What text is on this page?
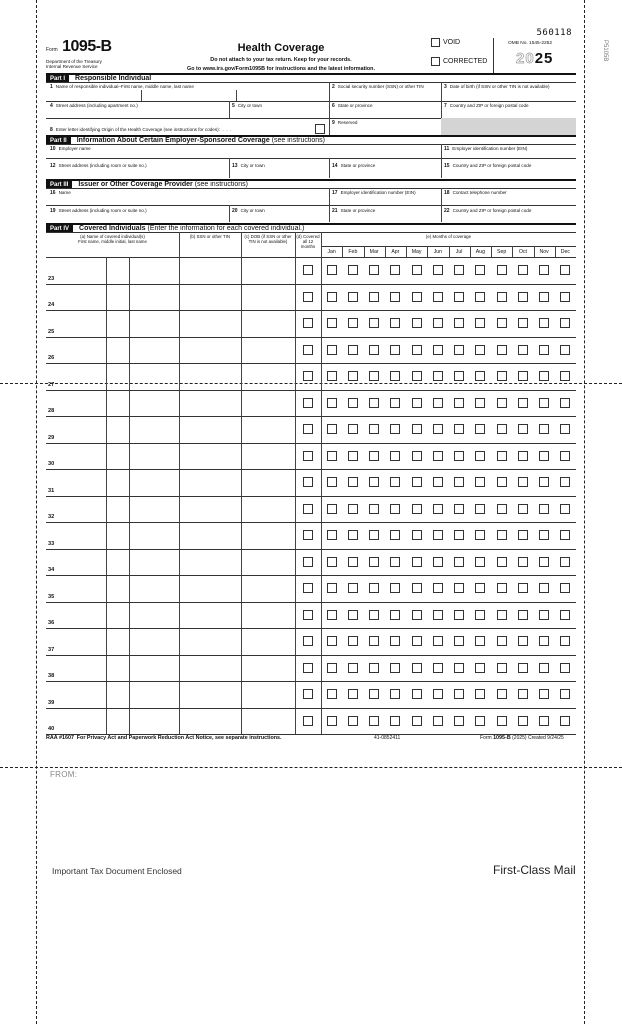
P5105B
560118
Form 1095-B
Department of the Treasury
Internal Revenue Service
Health Coverage
Do not attach to your tax return. Keep for your records.
Go to www.irs.gov/Form1095B for instructions and the latest information.
VOID
CORRECTED
OMB No. 1545-2252
2025
Part I	Responsible Individual
1 Name of responsible individual–First name, middle name, last name	2 Social security number (SSN) or other TIN	3 Date of birth (if SSN or other TIN is not available)
4 Street address (including apartment no.)	5 City or town	6 State or province	7 Country and ZIP or foreign postal code
8 Enter letter identifying Origin of the Health Coverage (see instructions for codes):  .  .  .
9 Reserved
Part II	Information About Certain Employer-Sponsored Coverage (see instructions)
10 Employer name	11 Employer identification number (EIN)
12 Street address (including room or suite no.)	13 City or town	14 State or province	15 Country and ZIP or foreign postal code
Part III	Issuer or Other Coverage Provider (see instructions)
16 Name	17 Employer identification number (EIN)	18 Contact telephone number
19 Street address (including room or suite no.)	20 City or town	21 State or province	22 Country and ZIP or foreign postal code
Part IV	Covered Individuals (Enter the information for each covered individual.)
(a) Name of covered individual(s)
First name, middle initial, last name
(b) SSN or other TIN	(c) DOB (if SSN or other
TIN is not available)
(d) Covered
all 12 months
(e) Months of coverage
Jan	Feb	Mar	Apr	May	Jun	Jul	Aug	Sep	Oct	Nov	Dec
23
24
25
26
27
28
29
30
31
32
33
34
35
36
37
38
39
40
RAA #1607 For Privacy Act and Paperwork Reduction Act Notice, see separate instructions.	41-0852411	Form 1095-B (2025) Created 9/24/25
FROM:
Important Tax Document Enclosed	First-Class Mail
